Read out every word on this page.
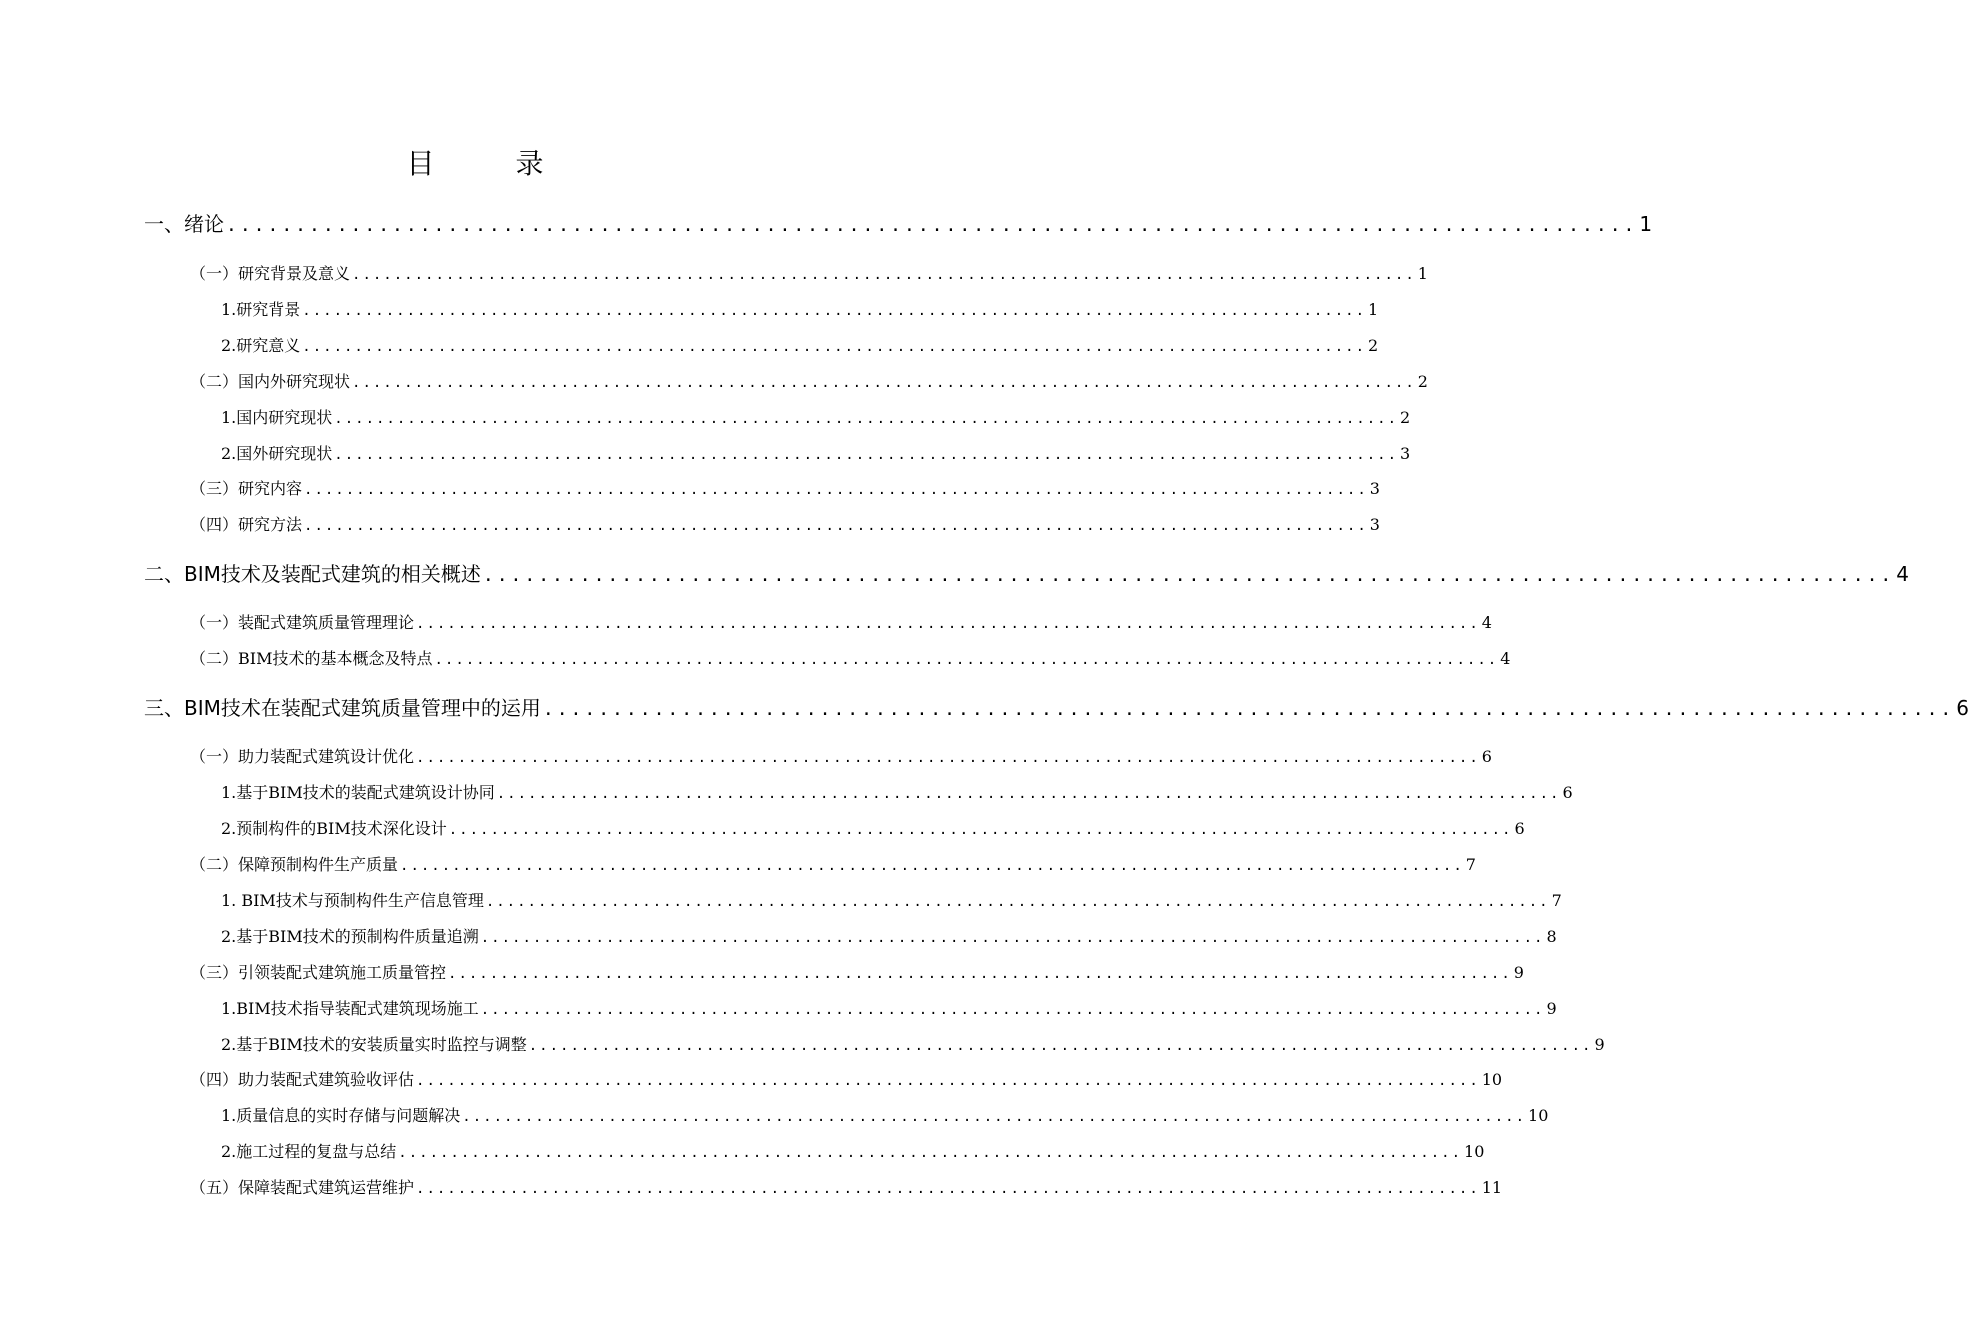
目 录
一、绪论 ...................................................................................................... 1
（一）研究背景及意义 ...................................................................................................... 1
1.研究背景 ...................................................................................................... 1
2.研究意义 ...................................................................................................... 2
（二）国内外研究现状 ...................................................................................................... 2
1.国内研究现状 ...................................................................................................... 2
2.国外研究现状 ...................................................................................................... 3
（三）研究内容 ...................................................................................................... 3
（四）研究方法 ...................................................................................................... 3
二、BIM技术及装配式建筑的相关概述 ...................................................................................................... 4
（一）装配式建筑质量管理理论 ...................................................................................................... 4
（二）BIM技术的基本概念及特点 ...................................................................................................... 4
三、BIM技术在装配式建筑质量管理中的运用 ...................................................................................................... 6
（一）助力装配式建筑设计优化 ...................................................................................................... 6
1.基于BIM技术的装配式建筑设计协同 ...................................................................................................... 6
2.预制构件的BIM技术深化设计 ...................................................................................................... 6
（二）保障预制构件生产质量 ...................................................................................................... 7
1. BIM技术与预制构件生产信息管理 ...................................................................................................... 7
2.基于BIM技术的预制构件质量追溯 ...................................................................................................... 8
（三）引领装配式建筑施工质量管控 ...................................................................................................... 9
1.BIM技术指导装配式建筑现场施工 ...................................................................................................... 9
2.基于BIM技术的安装质量实时监控与调整 ...................................................................................................... 9
（四）助力装配式建筑验收评估 ...................................................................................................... 10
1.质量信息的实时存储与问题解决 ...................................................................................................... 10
2.施工过程的复盘与总结 ...................................................................................................... 10
（五）保障装配式建筑运营维护 ...................................................................................................... 11
